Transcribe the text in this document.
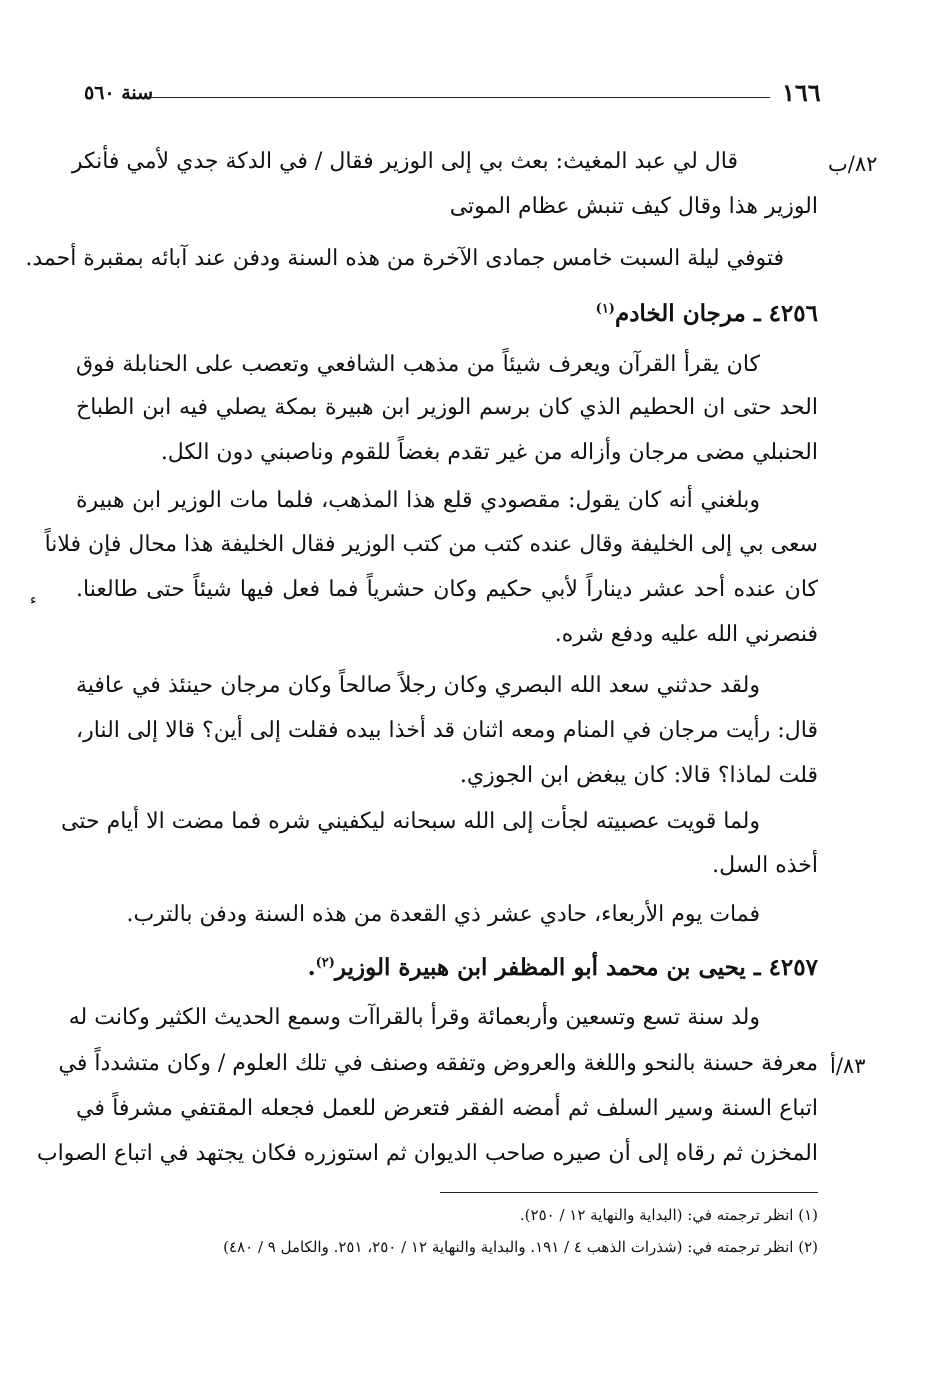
١٦٦
سنة ٥٦٠
٨٢/ب
٨٣/أ
قال لي عبد المغيث: بعث بي إلى الوزير فقال / في الدكة جدي لأمي فأنكر
الوزير هذا وقال كيف تنبش عظام الموتى
فتوفي ليلة السبت خامس جمادى الآخرة من هذه السنة ودفن عند آبائه بمقبرة أحمد.
٤٢٥٦ ـ مرجان الخادم$^{(١)}$
كان يقرأ القرآن ويعرف شيئاً من مذهب الشافعي وتعصب على الحنابلة فوق
الحد حتى ان الحطيم الذي كان برسم الوزير ابن هبيرة بمكة يصلي فيه ابن الطباخ
الحنبلي مضى مرجان وأزاله من غير تقدم بغضاً للقوم وناصبني دون الكل.
وبلغني أنه كان يقول: مقصودي قلع هذا المذهب، فلما مات الوزير ابن هبيرة
سعى بي إلى الخليفة وقال عنده كتب من كتب الوزير فقال الخليفة هذا محال فإن فلاناً
كان عنده أحد عشر ديناراً لأبي حكيم وكان حشرياً فما فعل فيها شيئاً حتى طالعنا.
فنصرني الله عليه ودفع شره.
ولقد حدثني سعد الله البصري وكان رجلاً صالحاً وكان مرجان حينئذ في عافية
قال: رأيت مرجان في المنام ومعه اثنان قد أخذا بيده فقلت إلى أين؟ قالا إلى النار،
قلت لماذا؟ قالا: كان يبغض ابن الجوزي.
ولما قويت عصبيته لجأت إلى الله سبحانه ليكفيني شره فما مضت الا أيام حتى
أخذه السل.
فمات يوم الأربعاء، حادي عشر ذي القعدة من هذه السنة ودفن بالترب.
٤٢٥٧ ـ يحيى بن محمد أبو المظفر ابن هبيرة الوزير$^{(٢)}$.
ولد سنة تسع وتسعين وأربعمائة وقرأ بالقراآت وسمع الحديث الكثير وكانت له
معرفة حسنة بالنحو واللغة والعروض وتفقه وصنف في تلك العلوم / وكان متشدداً في
اتباع السنة وسير السلف ثم أمضه الفقر فتعرض للعمل فجعله المقتفي مشرفاً في
المخزن ثم رقاه إلى أن صيره صاحب الديوان ثم استوزره فكان يجتهد في اتباع الصواب
(١) انظر ترجمته في: (البداية والنهاية ١٢ / ٢٥٠).
(٢) انظر ترجمته في: (شذرات الذهب ٤ / ١٩١. والبداية والنهاية ١٢ / ٢٥٠، ٢٥١. والكامل ٩ / ٤٨٠)
ء
